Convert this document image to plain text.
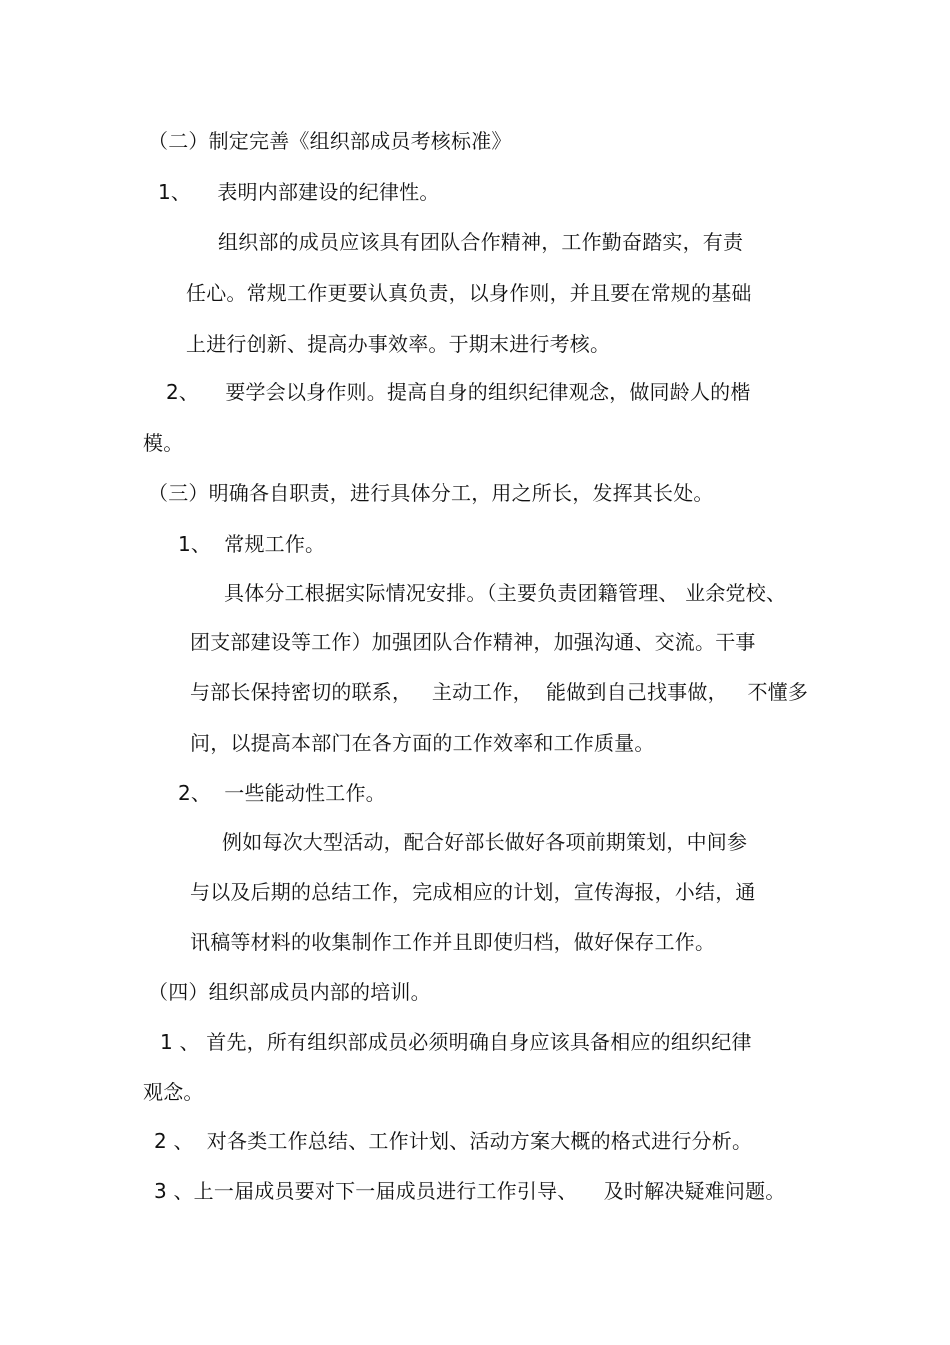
（二）制定完善《组织部成员考核标准》
1、    表明内部建设的纪律性。
组织部的成员应该具有团队合作精神，工作勤奋踏实，有责
任心。常规工作更要认真负责，以身作则，并且要在常规的基础
上进行创新、提高办事效率。于期末进行考核。
2、    要学会以身作则。提高自身的组织纪律观念，做同龄人的楷
模。
（三）明确各自职责，进行具体分工，用之所长，发挥其长处。
1、  常规工作。
具体分工根据实际情况安排。（主要负责团籍管理、 业余党校、
团支部建设等工作）加强团队合作精神，加强沟通、交流。干事
与部长保持密切的联系，   主动工作，  能做到自己找事做，   不懂多
问，以提高本部门在各方面的工作效率和工作质量。
2、  一些能动性工作。
例如每次大型活动，配合好部长做好各项前期策划，中间参
与以及后期的总结工作，完成相应的计划，宣传海报，小结，通
讯稿等材料的收集制作工作并且即使归档，做好保存工作。
（四）组织部成员内部的培训。
1 、 首先，所有组织部成员必须明确自身应该具备相应的组织纪律
观念。
2 、  对各类工作总结、工作计划、活动方案大概的格式进行分析。
3 、上一届成员要对下一届成员进行工作引导、    及时解决疑难问题。
